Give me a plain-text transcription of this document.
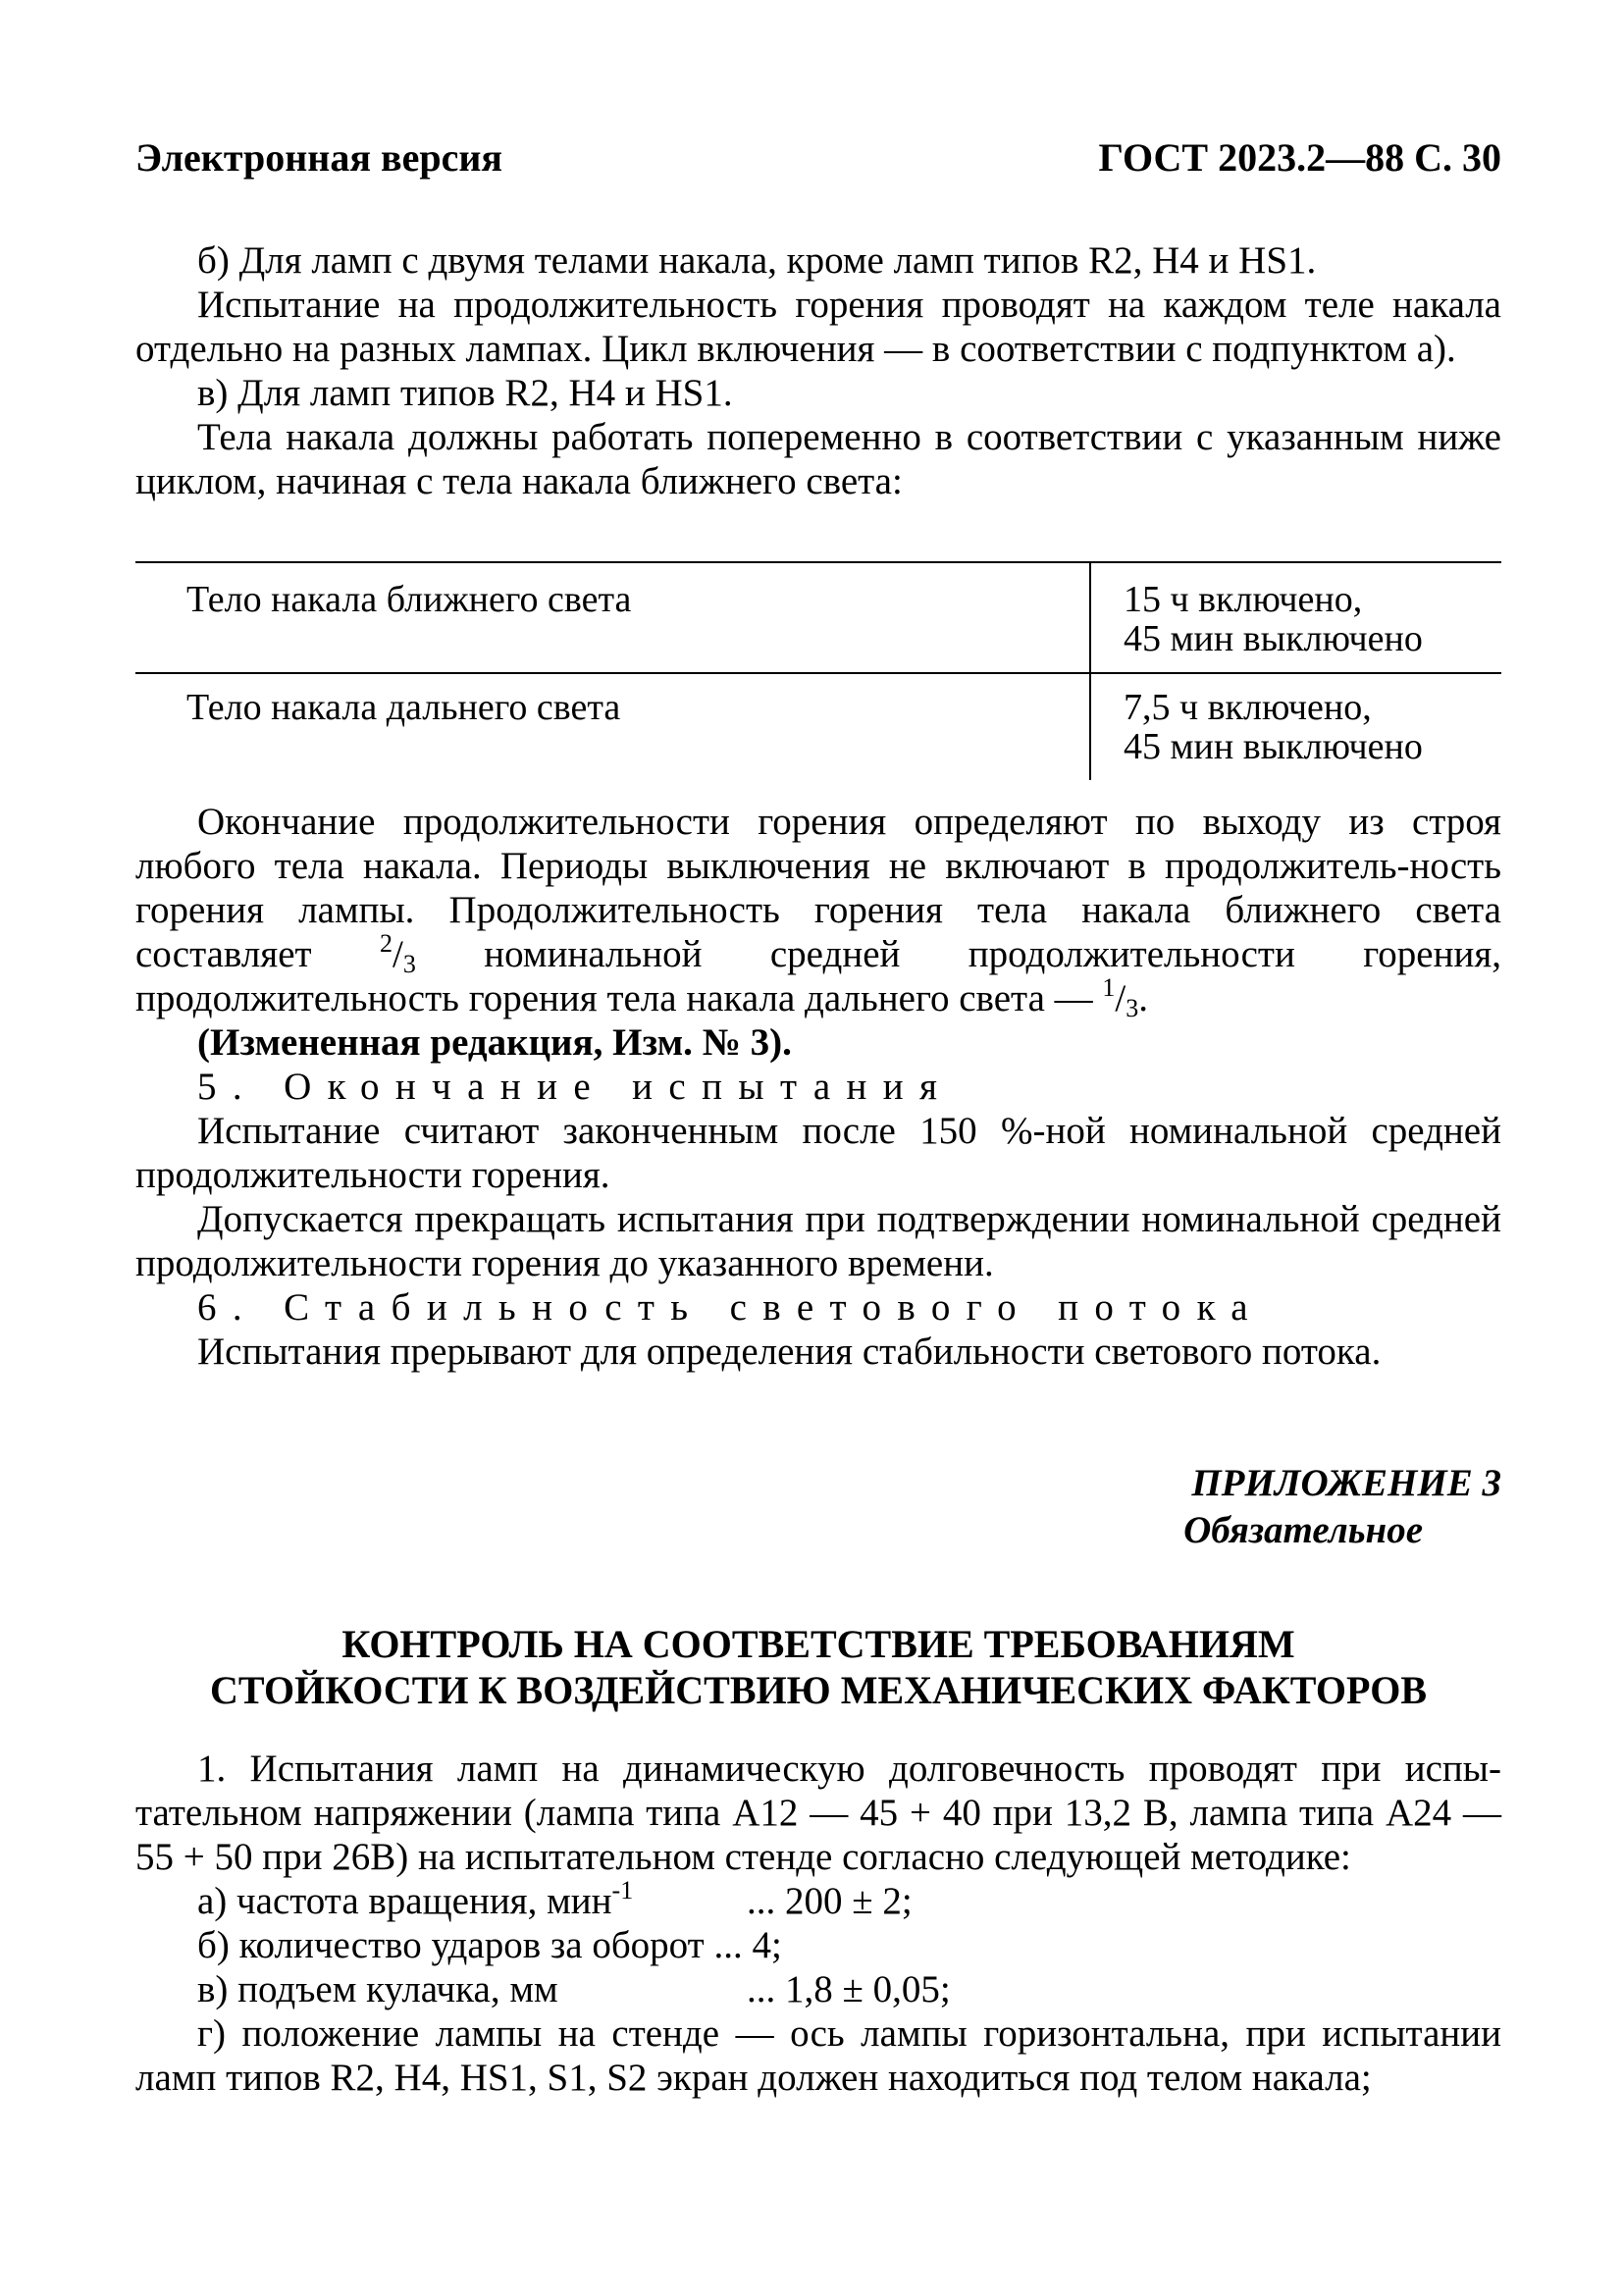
Электронная версия	ГОСТ 2023.2—88 С. 30

б) Для ламп с двумя телами накала, кроме ламп типов R2, H4 и HS1.

Испытание на продолжительность горения проводят на каждом теле накала отдельно на разных лампах. Цикл включения — в соответствии с подпунктом а).

в) Для ламп типов R2, H4 и HS1.

Тела накала должны работать попеременно в соответствии с указанным ниже циклом, начиная с тела накала ближнего света:

Тело накала ближнего света	15 ч включено,
45 мин выключено

Тело накала дальнего света	7,5 ч включено,
45 мин выключено

Окончание продолжительности горения определяют по выходу из строя любого тела накала. Периоды выключения не включают в продолжитель-ность горения лампы. Продолжительность горения тела накала ближнего света составляет $^2/_3$ номинальной средней продолжительности горения, продолжительность горения тела накала дальнего света — $^1/_3$.

(Измененная редакция, Изм. № 3).

5. Окончание испытания

Испытание считают законченным после 150 %-ной номинальной средней продолжительности горения.

Допускается прекращать испытания при подтверждении номинальной средней продолжительности горения до указанного времени.

6. Стабильность светового потока

Испытания прерывают для определения стабильности светового потока.

ПРИЛОЖЕНИЕ 3
Обязательное
КОНТРОЛЬ НА СООТВЕТСТВИЕ ТРЕБОВАНИЯМ
СТОЙКОСТИ К ВОЗДЕЙСТВИЮ МЕХАНИЧЕСКИХ ФАКТОРОВ

1. Испытания ламп на динамическую долговечность проводят при испы-тательном напряжении (лампа типа А12 — 45 + 40 при 13,2 В, лампа типа А24 — 55 + 50 при 26В) на испытательном стенде согласно следующей методике:

а) частота вращения, мин$^{-1}$	... 200 ± 2;
б) количество ударов за оборот ... 4;
в) подъем кулачка, мм	... 1,8 ± 0,05;

г) положение лампы на стенде — ось лампы горизонтальна, при испытании ламп типов R2, H4, HS1, S1, S2 экран должен находиться под телом накала;
